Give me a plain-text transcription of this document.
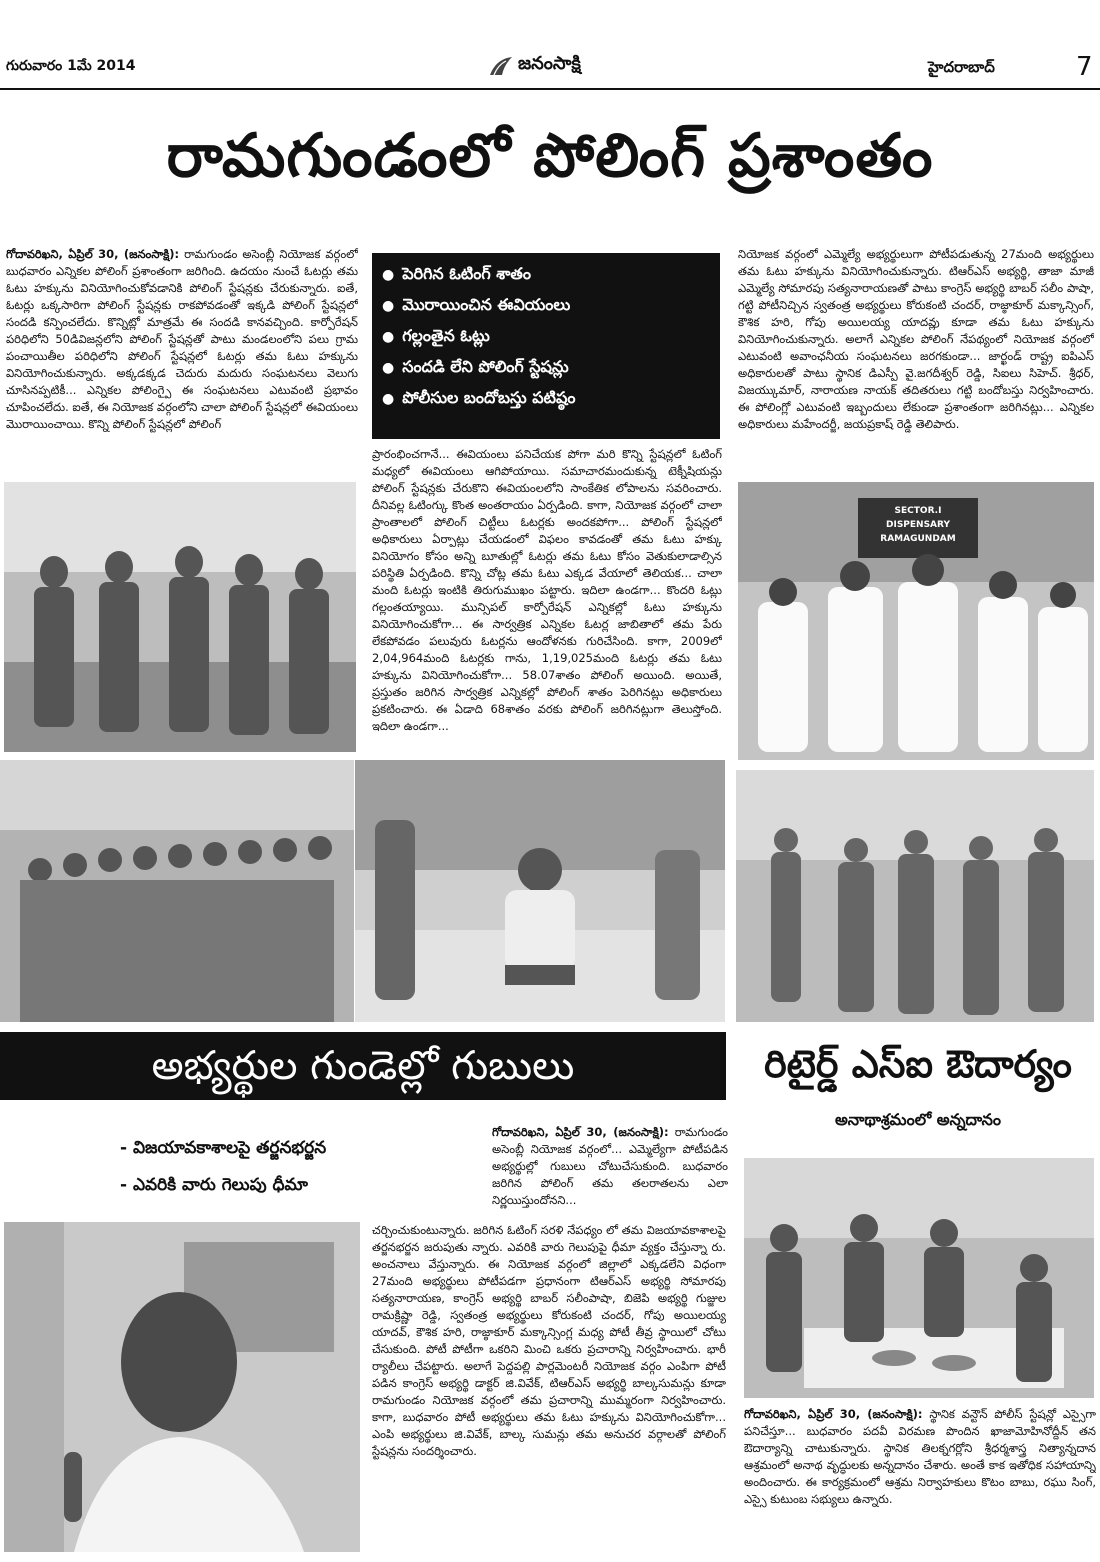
గురువారం 1మే 2014	జనంసాక్షి	హైదరాబాద్	7
రామగుండంలో పోలింగ్ ప్రశాంతం
గోదావరిఖని, ఏప్రిల్ 30, (జనంసాక్షి): రామగుండం అసెంబ్లీ నియోజక వర్గంలో బుధవారం ఎన్నికల పోలింగ్ ప్రశాంతంగా జరిగింది. ఉదయం నుంచే ఓటర్లు తమ ఓటు హక్కును వినియోగించుకోవడానికి పోలింగ్ స్టేషన్లకు చేరుకున్నారు. ఐతే, ఓటర్లు ఒక్కసారిగా పోలింగ్ స్టేషన్లకు రాకపోవడంతో ఇక్కడి పోలింగ్ స్టేషన్లలో సందడి కన్పించలేదు. కొన్నిట్లో మాత్రమే ఈ సందడి కానవచ్చింది. కార్పోరేషన్ పరిధిలోని 50డివిజన్లలోని పోలింగ్ స్టేషన్లతో పాటు మండలంలోని పలు గ్రామ పంచాయితీల పరిధిలోని పోలింగ్ స్టేషన్లలో ఓటర్లు తమ ఓటు హక్కును వినియోగించుకున్నారు. అక్కడక్కడ చెదురు మదురు సంఘటనలు వెలుగు చూసినప్పటికీ... ఎన్నికల పోలింగ్పై ఈ సంఘటనలు ఎటువంటి ప్రభావం చూపించలేదు. ఐతే, ఈ నియోజక వర్గంలోని చాలా పోలింగ్ స్టేషన్లలో ఈవియంలు మొరాయించాయి. కొన్ని పోలింగ్ స్టేషన్లలో పోలింగ్
● పెరిగిన ఓటింగ్ శాతం
● మొరాయించిన ఈవియంలు
● గల్లంతైన ఓట్లు
● సందడి లేని పోలింగ్ స్టేషన్లు
● పోలీసుల బందోబస్తు పటిష్ఠం
ప్రారంభించగానే... ఈవియంలు పనిచేయక పోగా మరి కొన్ని స్టేషన్లలో ఓటింగ్ మధ్యలో ఈవియంలు ఆగిపోయాయి. సమాచారమందుకున్న టెక్నీషియన్లు పోలింగ్ స్టేషన్లకు చేరుకొని ఈవియంలలోని సాంకేతిక లోపాలను సవరించారు. దీనివల్ల ఓటింగ్కు కొంత అంతరాయం ఏర్పడింది. కాగా, నియోజక వర్గంలో చాలా ప్రాంతాలలో పోలింగ్ చిట్టీలు ఓటర్లకు అందకపోగా... పోలింగ్ స్టేషన్లలో అధికారులు ఏర్పాట్లు చేయడంలో విఫలం కావడంతో తమ ఓటు హక్కు వినియోగం కోసం అన్ని బూతుల్లో ఓటర్లు తమ ఓటు కోసం వెతుకులాడాల్సిన పరిస్థితి ఏర్పడింది. కొన్ని చోట్ల తమ ఓటు ఎక్కడ వేయాలో తెలియక... చాలా మంది ఓటర్లు ఇంటికి తిరుగుముఖం పట్టారు. ఇదిలా ఉండగా... కొందరి ఓట్లు గల్లంతయ్యాయి. మున్సిపల్ కార్పోరేషన్ ఎన్నికల్లో ఓటు హక్కును వినియోగించుకోగా... ఈ సార్వత్రిక ఎన్నికల ఓటర్ల జాబితాలో తమ పేరు లేకపోవడం పలువురు ఓటర్లను ఆందోళనకు గురిచేసింది. కాగా, 2009లో 2,04,964మంది ఓటర్లకు గాను, 1,19,025మంది ఓటర్లు తమ ఓటు హక్కును వినియోగించుకోగా... 58.07శాతం పోలింగ్ అయింది. అయితే, ప్రస్తుతం జరిగిన సార్వత్రిక ఎన్నికల్లో పోలింగ్ శాతం పెరిగినట్లు అధికారులు ప్రకటించారు. ఈ ఏడాది 68శాతం వరకు పోలింగ్ జరిగినట్లుగా తెలుస్తోంది. ఇదిలా ఉండగా...
నియోజక వర్గంలో ఎమ్మెల్యే అభ్యర్థులుగా పోటీపడుతున్న 27మంది అభ్యర్థులు తమ ఓటు హక్కును వినియోగించుకున్నారు. టిఆర్ఎస్ అభ్యర్థి, తాజా మాజీ ఎమ్మెల్యే సోమారపు సత్యనారాయణతో పాటు కాంగ్రెస్ అభ్యర్థి బాబర్ సలీం పాషా, గట్టి పోటీనిచ్చిన స్వతంత్ర అభ్యర్థులు కోరుకంటి చందర్, రాజ్ఠాకూర్ మక్కాన్సింగ్, కౌశిక హరి, గోపు అయిలయ్య యాదవ్లు కూడా తమ ఓటు హక్కును వినియోగించుకున్నారు. అలాగే ఎన్నికల పోలింగ్ నేపథ్యంలో నియోజక వర్గంలో ఎటువంటి అవాంఛనీయ సంఘటనలు జరగకుండా... జార్ఖండ్ రాష్ట్ర ఐపిఎస్ అధికారులతో పాటు స్థానిక డిఎస్పీ వై.జగదీశ్వర్ రెడ్డి, సిఐలు సిహెచ్. శ్రీధర్, విజయ్కుమార్, నారాయణ నాయక్ తదితరులు గట్టి బందోబస్తు నిర్వహించారు. ఈ పోలింగ్లో ఎటువంటి ఇబ్బందులు లేకుండా ప్రశాంతంగా జరిగినట్లు... ఎన్నికల అధికారులు మహేందర్జీ, జయప్రకాష్ రెడ్డి తెలిపారు.
SECTOR.I DISPENSARY RAMAGUNDAM
అభ్యర్థుల గుండెల్లో గుబులు
- విజయావకాశాలపై తర్జనభర్జన
- ఎవరికి వారు గెలుపు ధీమా
గోదావరిఖని, ఏప్రిల్ 30, (జనంసాక్షి): రామగుండం అసెంబ్లీ నియోజక వర్గంలో... ఎమ్మెల్యేగా పోటీపడిన అభ్యర్థుల్లో గుబులు చోటుచేసుకుంది. బుధవారం జరిగిన పోలింగ్ తమ తలరాతలను ఎలా నిర్ణయిస్తుందోనని...
చర్చించుకుంటున్నారు. జరిగిన ఓటింగ్ సరళి నేపధ్యం లో తమ విజయావకాశాలపై తర్జనభర్జన జరుపుతు న్నారు. ఎవరికి వారు గెలుపుపై ధీమా వ్యక్తం చేస్తున్నా రు. అంచనాలు వేస్తున్నారు. ఈ నియోజక వర్గంలో జిల్లాలో ఎక్కడలేని విధంగా 27మంది అభ్యర్థులు పోటీపడగా ప్రధానంగా టిఆర్ఎస్ అభ్యర్థి సోమారపు సత్యనారాయణ, కాంగ్రెస్ అభ్యర్థి బాబర్ సలీంపాషా, బిజెపి అభ్యర్థి గుజ్జుల రామక్రిష్ణా రెడ్డి, స్వతంత్ర అభ్యర్థులు కోరుకంటి చందర్, గోపు అయిలయ్య యాదవ్, కౌశిక హరి, రాజ్ఠాకూర్ మక్కాన్సింగ్ల మధ్య పోటీ తీవ్ర స్థాయిలో చోటు చేసుకుంది. పోటీ పోటీగా ఒకరిని మించి ఒకరు ప్రచారాన్ని నిర్వహించారు. భారీ ర్యాలీలు చేపట్టారు. అలాగే పెద్దపల్లి పార్లమెంటరీ నియోజక వర్గం ఎంపిగా పోటీ పడిన కాంగ్రెస్ అభ్యర్థి డాక్టర్ జి.వివేక్, టిఆర్ఎస్ అభ్యర్థి బాల్కసుమన్లు కూడా రామగుండం నియోజక వర్గంలో తమ ప్రచారాన్ని ముమ్మరంగా నిర్వహించారు. కాగా, బుధవారం పోటీ అభ్యర్థులు తమ ఓటు హక్కును వినియోగించుకోగా... ఎంపి అభ్యర్థులు జి.వివేక్, బాల్క సుమన్లు తమ అనుచర వర్గాలతో పోలింగ్ స్టేషన్లను సందర్శించారు.
రిటైర్డ్ ఎస్ఐ ఔదార్యం
అనాథాశ్రమంలో అన్నదానం
గోదావరిఖని, ఏప్రిల్ 30, (జనంసాక్షి): స్థానిక వన్టౌన్ పోలీస్ స్టేషన్లో ఎస్సైగా పనిచేస్తూ... బుధవారం పదవీ విరమణ పొందిన ఖాజామోహినోద్దీన్ తన ఔదార్యాన్ని చాటుకున్నారు. స్థానిక తిలక్నగర్లోని శ్రీధర్మశాస్త్ర నిత్యాన్నదాన ఆశ్రమంలో అనాథ వృద్ధులకు అన్నదానం చేశారు. అంతే కాక ఇతోధిక సహాయాన్ని అందించారు. ఈ కార్యక్రమంలో ఆశ్రమ నిర్వాహకులు కొటం బాబు, రఘు సింగ్, ఎస్సై కుటుంబ సభ్యులు ఉన్నారు.
